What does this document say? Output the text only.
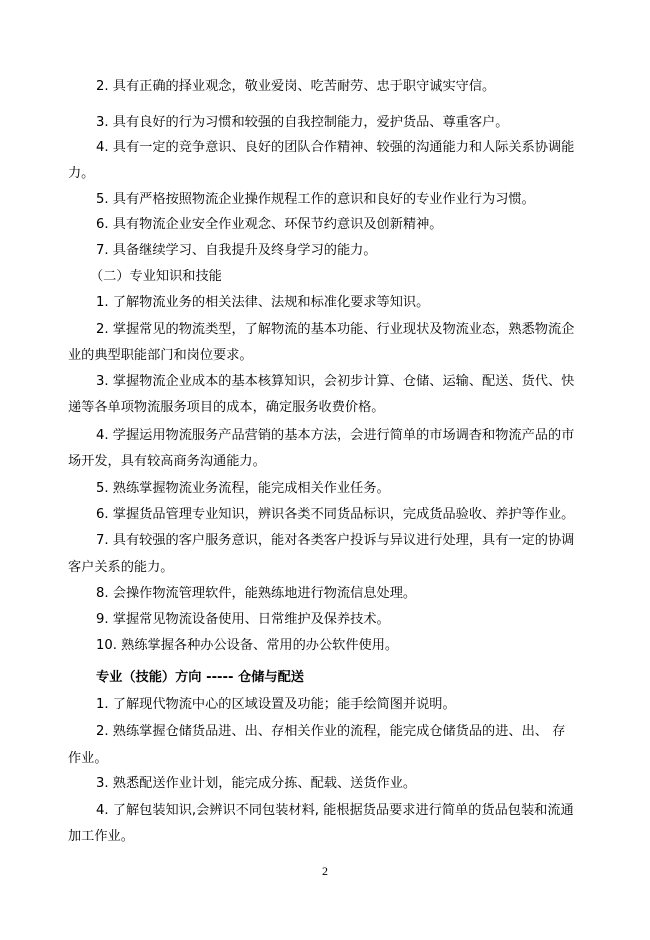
2. 具有正确的择业观念，敬业爱岗、吃苦耐劳、忠于职守诚实守信。
3. 具有良好的行为习惯和较强的自我控制能力，爱护货品、尊重客户。
4. 具有一定的竞争意识、良好的团队合作精神、较强的沟通能力和人际关系协调能
力。
5. 具有严格按照物流企业操作规程工作的意识和良好的专业作业行为习惯。
6. 具有物流企业安全作业观念、环保节约意识及创新精神。
7. 具备继续学习、自我提升及终身学习的能力。
（二）专业知识和技能
1. 了解物流业务的相关法律、法规和标准化要求等知识。
2. 掌握常见的物流类型，了解物流的基本功能、行业现状及物流业态，熟悉物流企
业的典型职能部门和岗位要求。
3. 掌握物流企业成本的基本核算知识，会初步计算、仓储、运输、配送、货代、快
递等各单项物流服务项目的成本，确定服务收费价格。
4. 学握运用物流服务产品营销的基本方法，会进行简单的市场调杳和物流产品的市
场开发，具有较高商务沟通能力。
5. 熟练掌握物流业务流程，能完成相关作业任务。
6. 掌握货品管理专业知识，辨识各类不同货品标识，完成货品验收、养护等作业。
7. 具有较强的客户服务意识，能对各类客户投诉与异议进行处理，具有一定的协调
客户关系的能力。
8. 会操作物流管理软件，能熟练地进行物流信息处理。
9. 掌握常见物流设备使用、日常维护及保养技术。
10. 熟练掌握各种办公设备、常用的办公软件使用。
专业（技能）方向 ----- 仓储与配送
1. 了解现代物流中心的区域设置及功能；能手绘简图并说明。
2. 熟练掌握仓储货品进、出、存相关作业的流程，能完成仓储货品的进、出、 存
作业。
3. 熟悉配送作业计划，能完成分拣、配载、送货作业。
4. 了解包装知识,会辨识不同包装材料, 能根据货品要求进行简单的货品包装和流通
加工作业。
2
